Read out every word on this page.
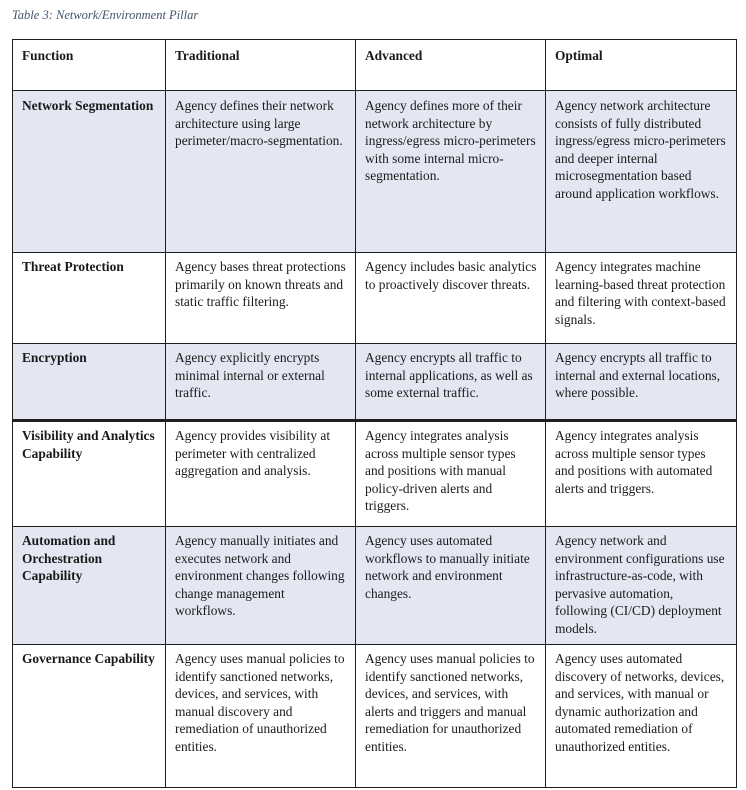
Table 3: Network/Environment Pillar
Function	Traditional	Advanced	Optimal
Network Segmentation	Agency defines their network architecture using large perimeter/macro-segmentation.	Agency defines more of their network architecture by ingress/egress micro-perimeters with some internal micro-segmentation.	Agency network architecture consists of fully distributed ingress/egress micro-perimeters and deeper internal microsegmentation based around application workflows.
Threat Protection	Agency bases threat protections primarily on known threats and static traffic filtering.	Agency includes basic analytics to proactively discover threats.	Agency integrates machine learning-based threat protection and filtering with context-based signals.
Encryption	Agency explicitly encrypts minimal internal or external traffic.	Agency encrypts all traffic to internal applications, as well as some external traffic.	Agency encrypts all traffic to internal and external locations, where possible.
Visibility and Analytics Capability	Agency provides visibility at perimeter with centralized aggregation and analysis.	Agency integrates analysis across multiple sensor types and positions with manual policy-driven alerts and triggers.	Agency integrates analysis across multiple sensor types and positions with automated alerts and triggers.
Automation and Orchestration Capability	Agency manually initiates and executes network and environment changes following change management workflows.	Agency uses automated workflows to manually initiate network and environment changes.	Agency network and environment configurations use infrastructure-as-code, with pervasive automation, following (CI/CD) deployment models.
Governance Capability	Agency uses manual policies to identify sanctioned networks, devices, and services, with manual discovery and remediation of unauthorized entities.	Agency uses manual policies to identify sanctioned networks, devices, and services, with alerts and triggers and manual remediation for unauthorized entities.	Agency uses automated discovery of networks, devices, and services, with manual or dynamic authorization and automated remediation of unauthorized entities.
